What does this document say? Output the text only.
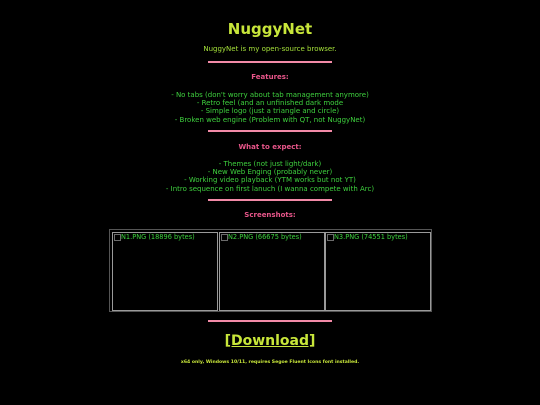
NuggyNet
NuggyNet is my open-source browser.
Features:
- No tabs (don't worry about tab management anymore)
- Retro feel (and an unfinished dark mode
- Simple logo (just a triangle and circle)
- Broken web engine (Problem with QT, not NuggyNet)
What to expect:
- Themes (not just light/dark)
- New Web Enging (probably never)
- Working video playback (YTM works but not YT)
- Intro sequence on first lanuch (I wanna compete with Arc)
Screenshots:
N1.PNG (18896 bytes)	N2.PNG (66675 bytes)	N3.PNG (74551 bytes)
[Download]
x64 only, Windows 10/11, requires Segoe Fluent Icons font installed.
